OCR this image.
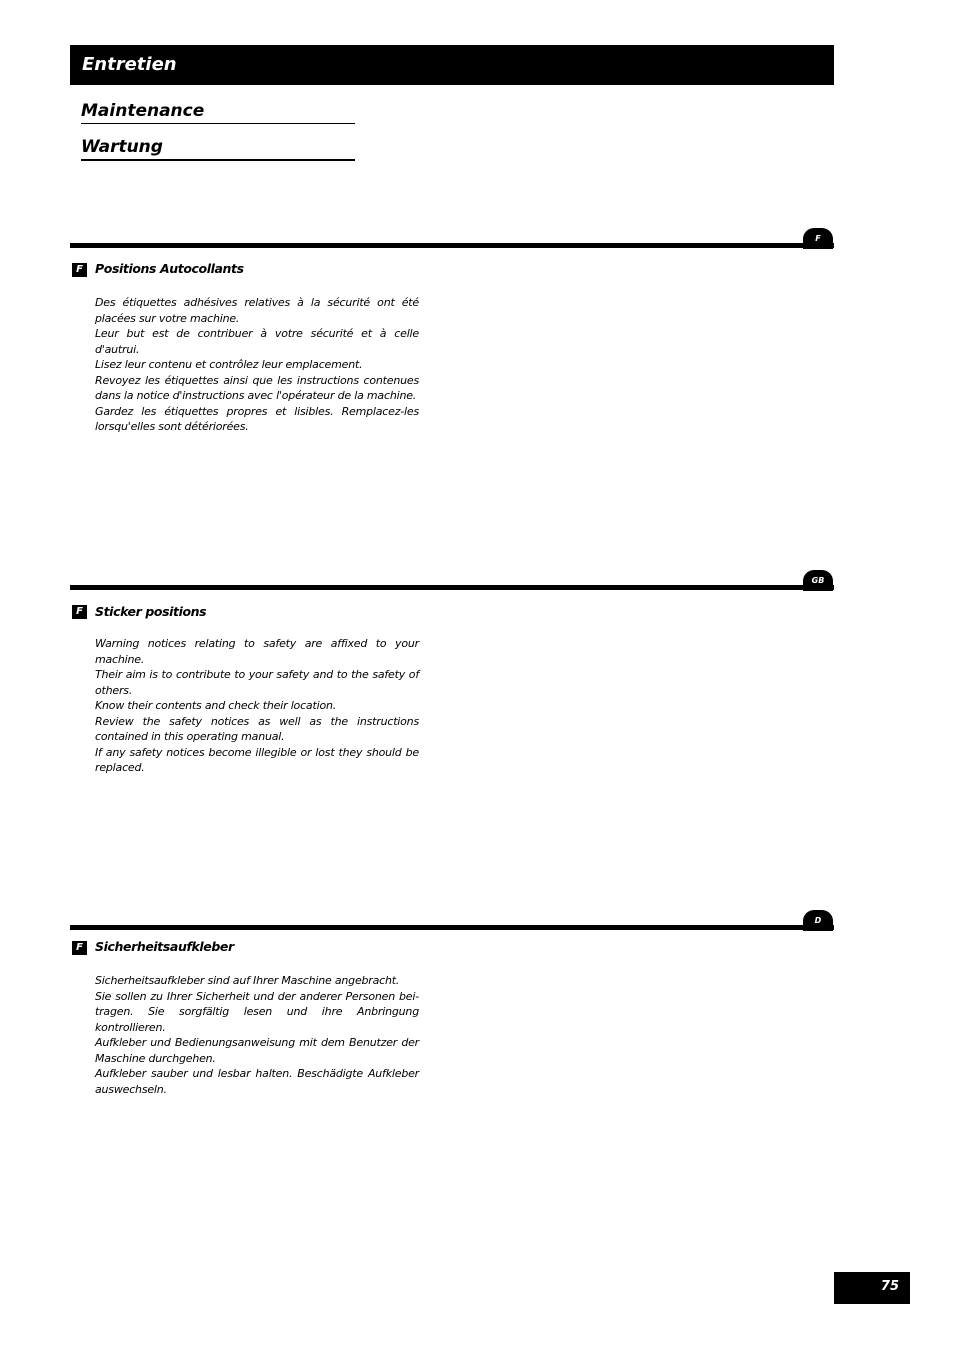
Entretien
Maintenance
Wartung
F
F Positions Autocollants

Des étiquettes adhésives relatives à la sécurité ont été placées sur votre machine.

Leur but est de contribuer à votre sécurité et à celle d'autrui.

Lisez leur contenu et contrôlez leur emplacement.

Revoyez les étiquettes ainsi que les instructions contenues dans la notice d'instructions avec l'opérateur de la machine.

Gardez les étiquettes propres et lisibles. Remplacez-les lorsqu'elles sont détériorées.

GB
F Sticker positions

Warning notices relating to safety are affixed to your machine.

Their aim is to contribute to your safety and to the safety of others.

Know their contents and check their location.

Review the safety notices as well as the instructions contained in this operating manual.

If any safety notices become illegible or lost they should be replaced.

D
F Sicherheitsaufkleber

Sicherheitsaufkleber sind auf Ihrer Maschine angebracht.

Sie sollen zu Ihrer Sicherheit und der anderer Personen bei-tragen. Sie sorgfältig lesen und ihre Anbringung kontrollieren.

Aufkleber und Bedienungsanweisung mit dem Benutzer der Maschine durchgehen.

Aufkleber sauber und lesbar halten. Beschädigte Aufkleber auswechseln.

75
